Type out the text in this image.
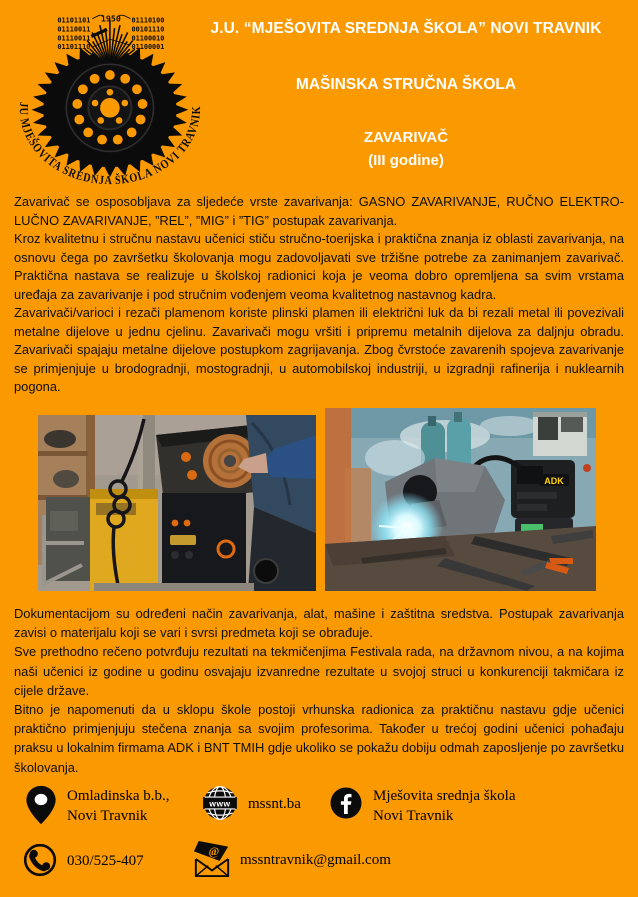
01101101
01110011
01110011
01101110
01110100
00101110
01100010
01100001
1950
JU MJEŠOVITA SREDNJA ŠKOLA NOVI TRAVNIK
J.U. “MJEŠOVITA SREDNJA ŠKOLA” NOVI TRAVNIK
MAŠINSKA STRUČNA ŠKOLA
ZAVARIVAČ
(III godine)

Zavarivač se osposobljava za sljedeće vrste zavarivanja: GASNO ZAVARIVANJE, RUČNO ELEKTRO-LUČNO ZAVARIVANJE, ”REL”, ”MIG” i ”TIG” postupak zavarivanja.

Kroz kvalitetnu i stručnu nastavu učenici stiču stručno-toerijska i praktična znanja iz oblasti zavarivanja, na osnovu čega po završetku školovanja mogu zadovoljavati sve tržišne potrebe za zanimanjem zavarivač. Praktična nastava se realizuje u školskoj radionici koja je veoma dobro opremljena sa svim vrstama uređaja za zavarivanje i pod stručnim vođenjem veoma kvalitetnog nastavnog kadra.

Zavarivači/varioci i rezači plamenom koriste plinski plamen ili električni luk da bi rezali metal ili povezivali metalne dijelove u jednu cjelinu. Zavarivači mogu vršiti i pripremu metalnih dijelova za daljnju obradu. Zavarivači spajaju metalne dijelove postupkom zagrijavanja. Zbog čvrstoće zavarenih spojeva zavarivanje se primjenjuje u brodogradnji, mostogradnji, u automobilskoj industriji, u izgradnji rafinerija i nuklearnih pogona.

ADK

Dokumentacijom su određeni način zavarivanja, alat, mašine i zaštitna sredstva. Postupak zavarivanja zavisi o materijalu koji se vari i svrsi predmeta koji se obrađuje.

Sve prethodno rečeno potvrđuju rezultati na tekmičenjima Festivala rada, na državnom nivou, a na kojima naši učenici iz godine u godinu osvajaju izvanredne rezultate u svojoj struci u konkurenciji takmičara iz cijele države.

Bitno je napomenuti da u sklopu škole postoji vrhunska radionica za praktičnu nastavu gdje učenici praktično primjenjuju stečena znanja sa svojim profesorima. Također u trećoj godini učenici pohađaju praksu u lokalnim firmama ADK i BNT TMIH gdje ukoliko se pokažu dobiju odmah zaposljenje po završetku školovanja.

Omladinska b.b.,
Novi Travnik
www mssnt.ba	Mješovita srednja škola
Novi Travnik
030/525-407
@ mssntravnik@gmail.com
